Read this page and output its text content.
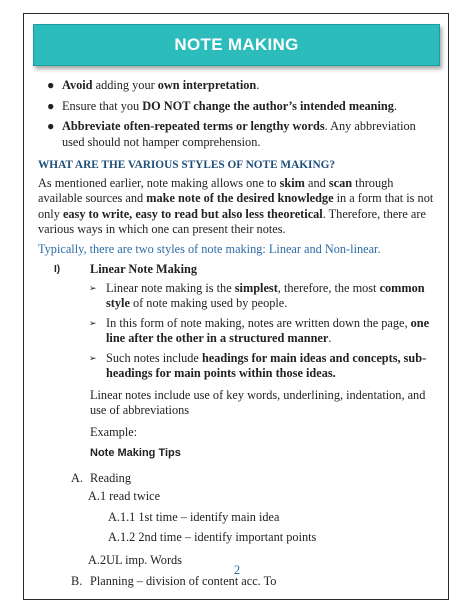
NOTE MAKING
● Avoid adding your own interpretation.
● Ensure that you DO NOT change the author’s intended meaning.
● Abbreviate often-repeated terms or lengthy words. Any abbreviation used should not hamper comprehension.
WHAT ARE THE VARIOUS STYLES OF NOTE MAKING?

As mentioned earlier, note making allows one to skim and scan through available sources and make note of the desired knowledge in a form that is not only easy to write, easy to read but also less theoretical. Therefore, there are various ways in which one can present their notes.

Typically, there are two styles of note making: Linear and Non-linear.

I) Linear Note Making
➢ Linear note making is the simplest, therefore, the most common style of note making used by people.
➢ In this form of note making, notes are written down the page, one line after the other in a structured manner.
➢ Such notes include headings for main ideas and concepts, sub-headings for main points within those ideas.
Linear notes include use of key words, underlining, indentation, and use of abbreviations
Example:
Note Making Tips
A. Reading
A.1 read twice
A.1.1 1st time – identify main idea
A.1.2 2nd time – identify important points
A.2UL imp. Words
B. Planning – division of content acc. To
2
